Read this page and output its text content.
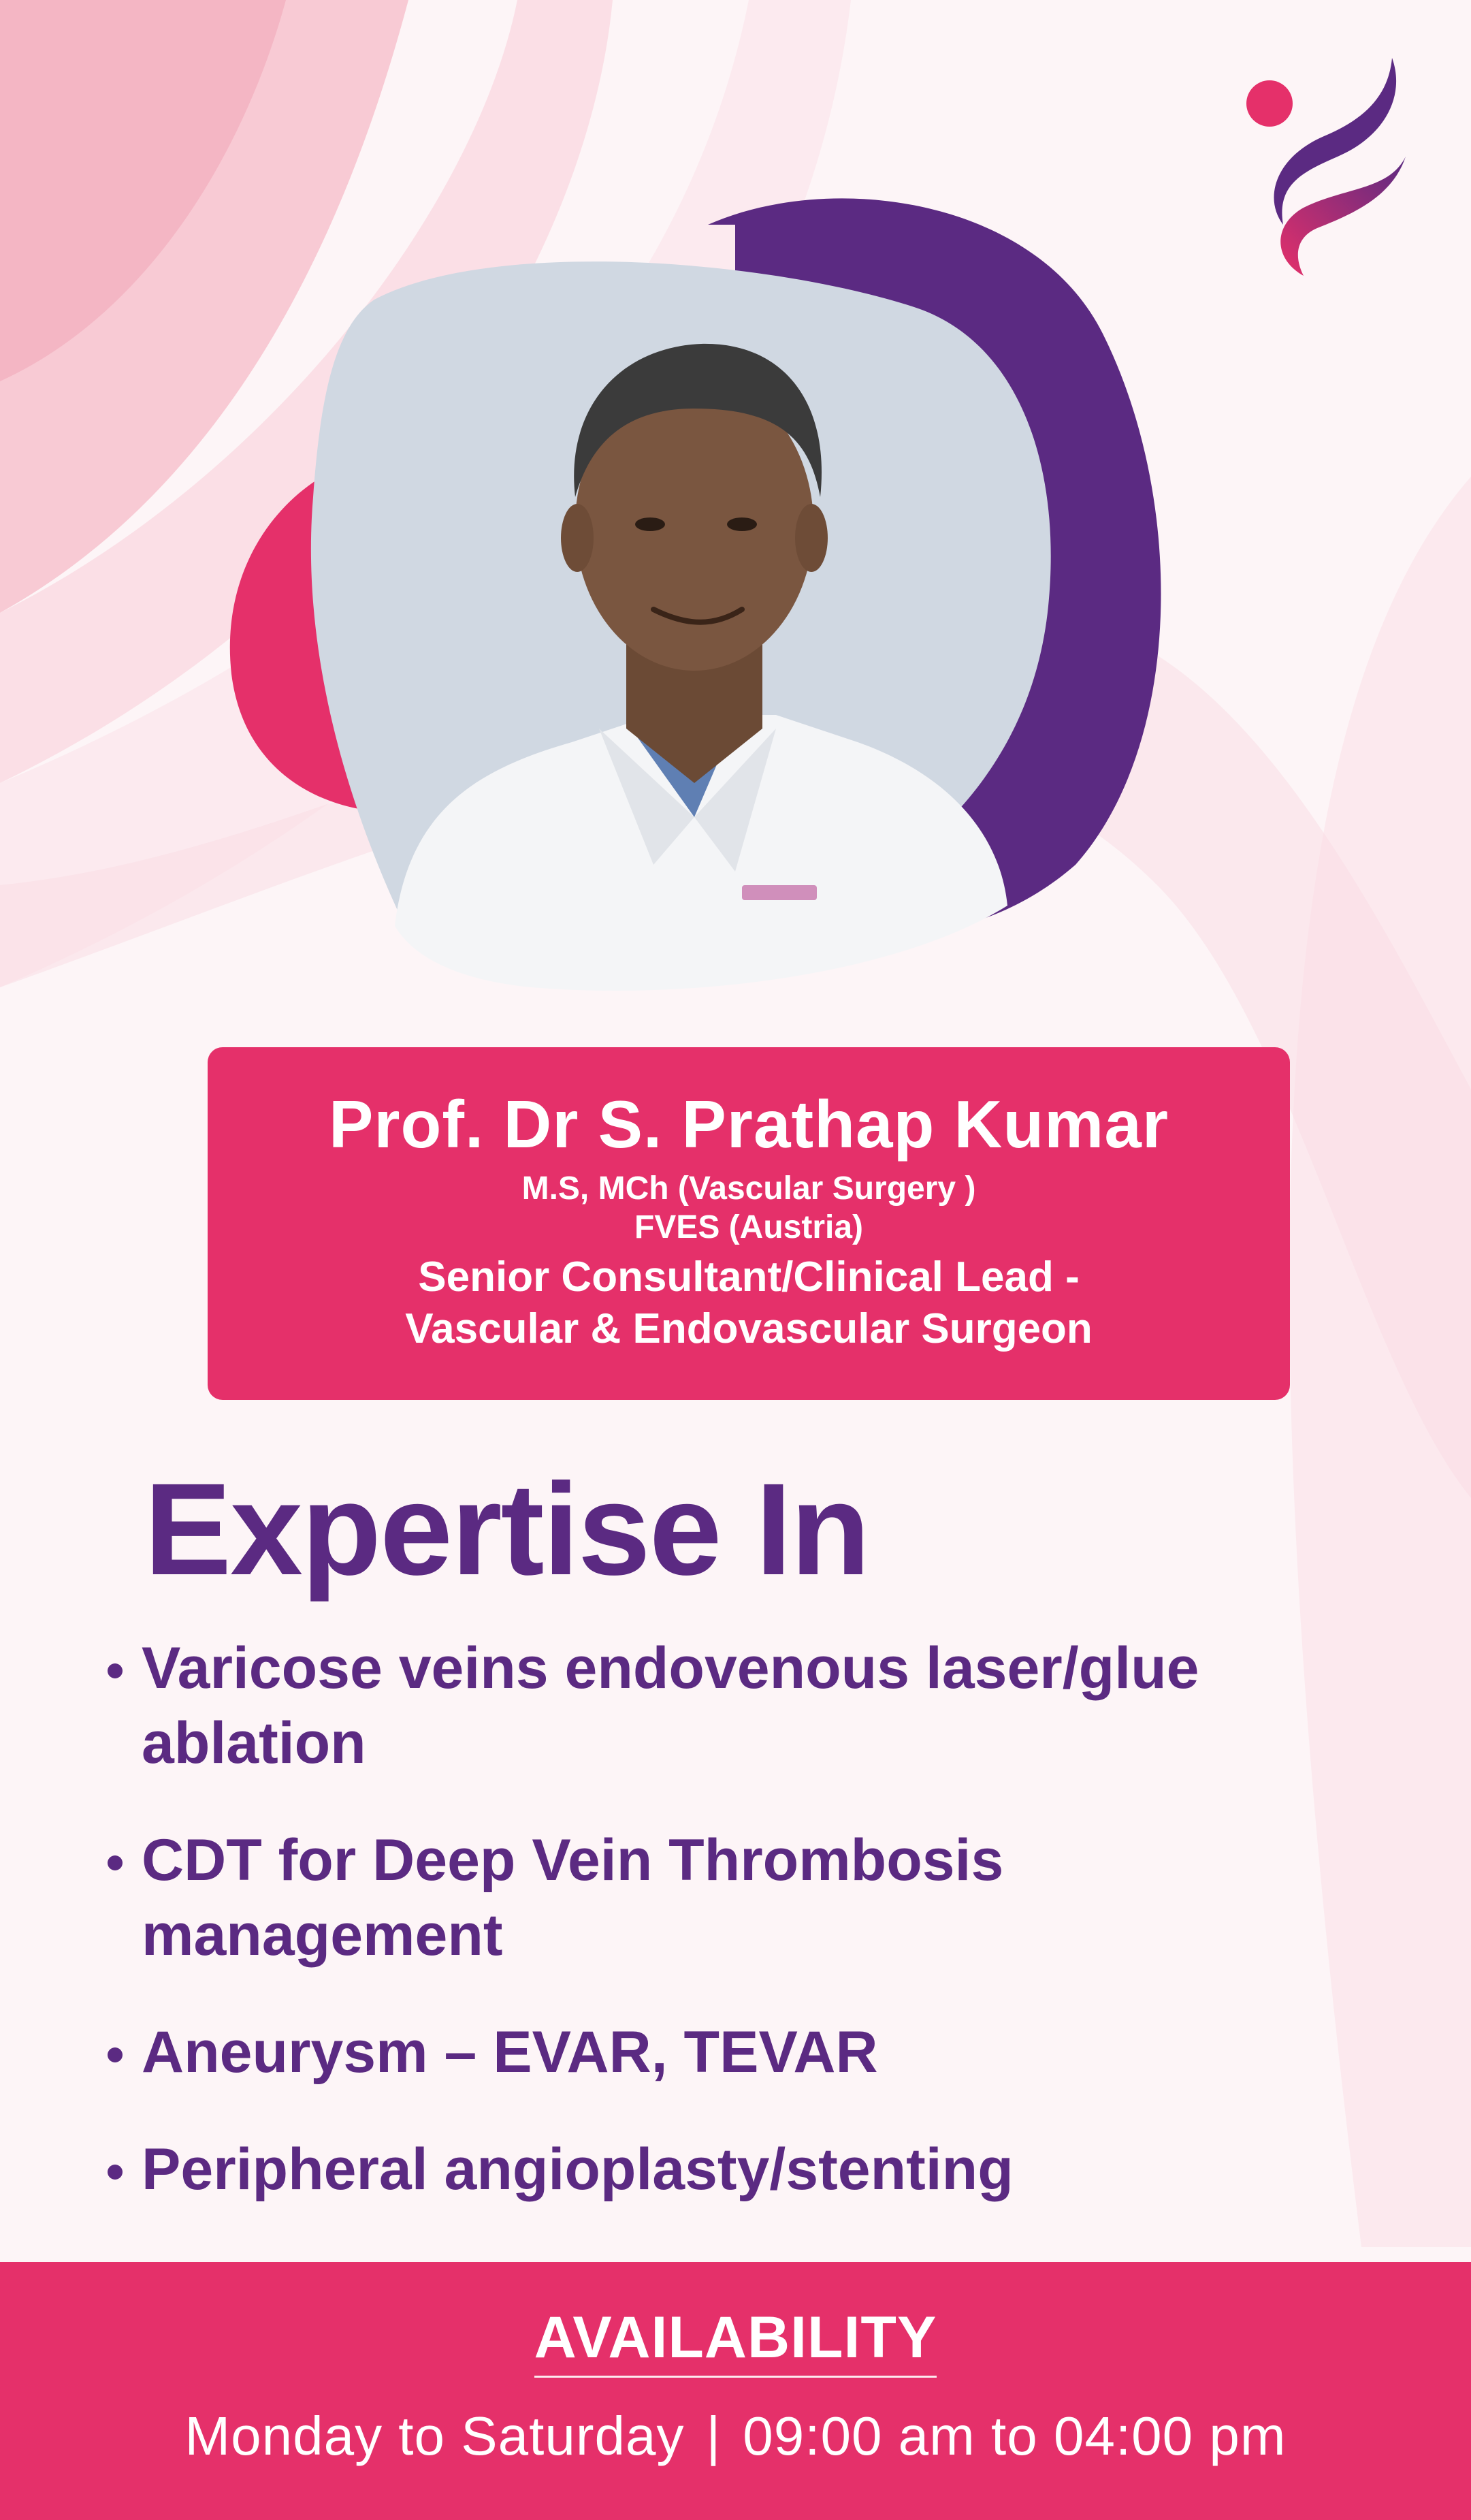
Prof. Dr S. Prathap Kumar
M.S, MCh (Vascular Surgery )
FVES (Austria)
Senior Consultant/Clinical Lead -
Vascular & Endovascular Surgeon
Expertise In
Varicose veins endovenous laser/glue ablation
CDT for Deep Vein Thrombosis management
Aneurysm – EVAR, TEVAR
Peripheral angioplasty/stenting
AVAILABILITY
Monday to Saturday | 09:00 am to 04:00 pm
